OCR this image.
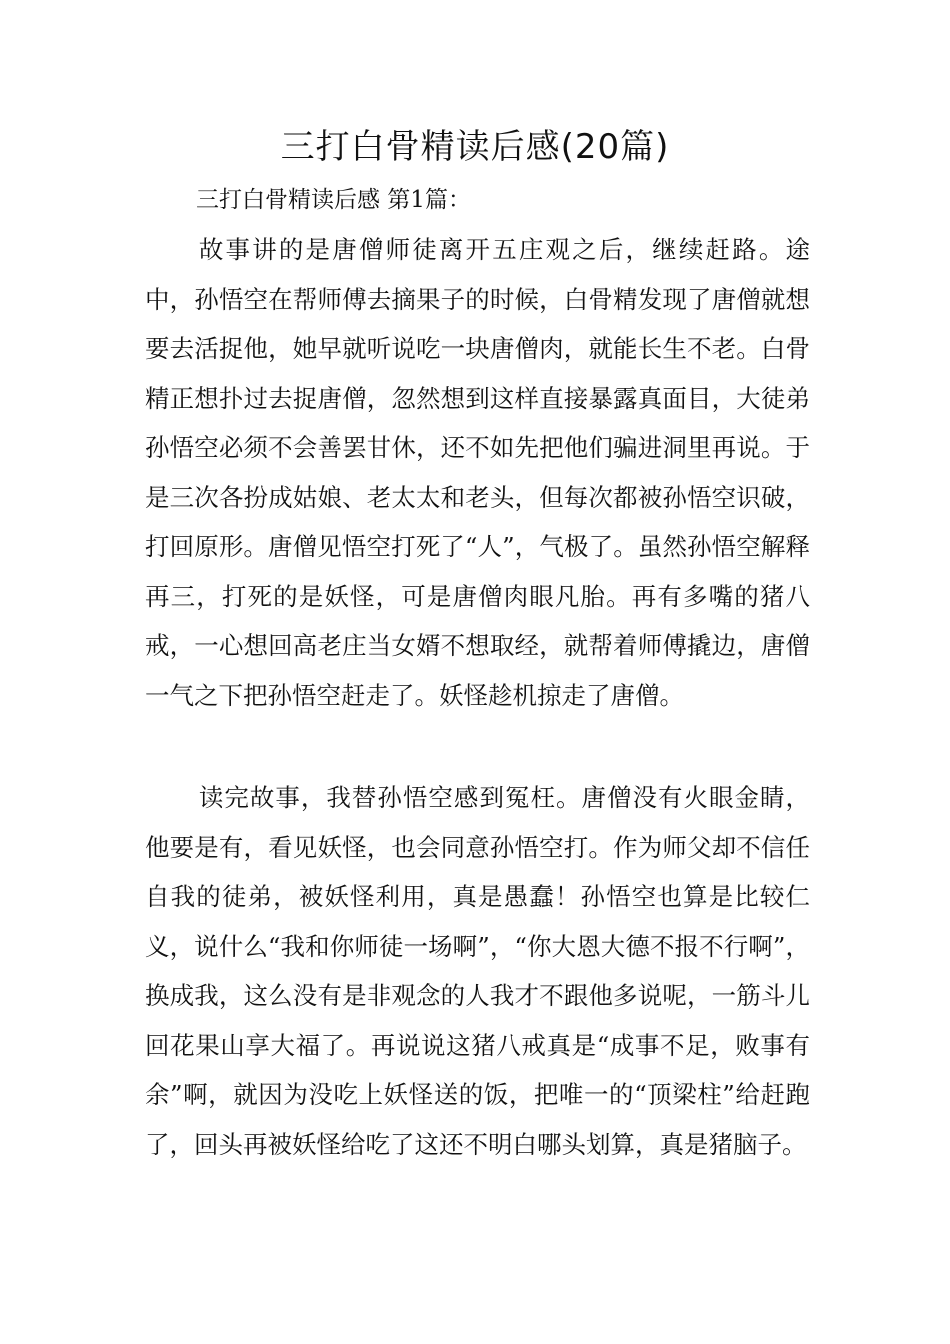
三打白骨精读后感(20篇)
三打白骨精读后感 第1篇：

故事讲的是唐僧师徒离开五庄观之后，继续赶路。途中，孙悟空在帮师傅去摘果子的时候，白骨精发现了唐僧就想要去活捉他，她早就听说吃一块唐僧肉，就能长生不老。白骨精正想扑过去捉唐僧，忽然想到这样直接暴露真面目，大徒弟孙悟空必须不会善罢甘休，还不如先把他们骗进洞里再说。于是三次各扮成姑娘、老太太和老头，但每次都被孙悟空识破，打回原形。唐僧见悟空打死了“人”，气极了。虽然孙悟空解释再三，打死的是妖怪，可是唐僧肉眼凡胎。再有多嘴的猪八戒，一心想回高老庄当女婿不想取经，就帮着师傅撬边，唐僧一气之下把孙悟空赶走了。妖怪趁机掠走了唐僧。

读完故事，我替孙悟空感到冤枉。唐僧没有火眼金睛，他要是有，看见妖怪，也会同意孙悟空打。作为师父却不信任自我的徒弟，被妖怪利用，真是愚蠢！孙悟空也算是比较仁义，说什么“我和你师徒一场啊”，“你大恩大德不报不行啊”，换成我，这么没有是非观念的人我才不跟他多说呢，一筋斗儿回花果山享大福了。再说说这猪八戒真是“成事不足，败事有余”啊，就因为没吃上妖怪送的饭，把唯一的“顶梁柱”给赶跑了，回头再被妖怪给吃了这还不明白哪头划算，真是猪脑子。
